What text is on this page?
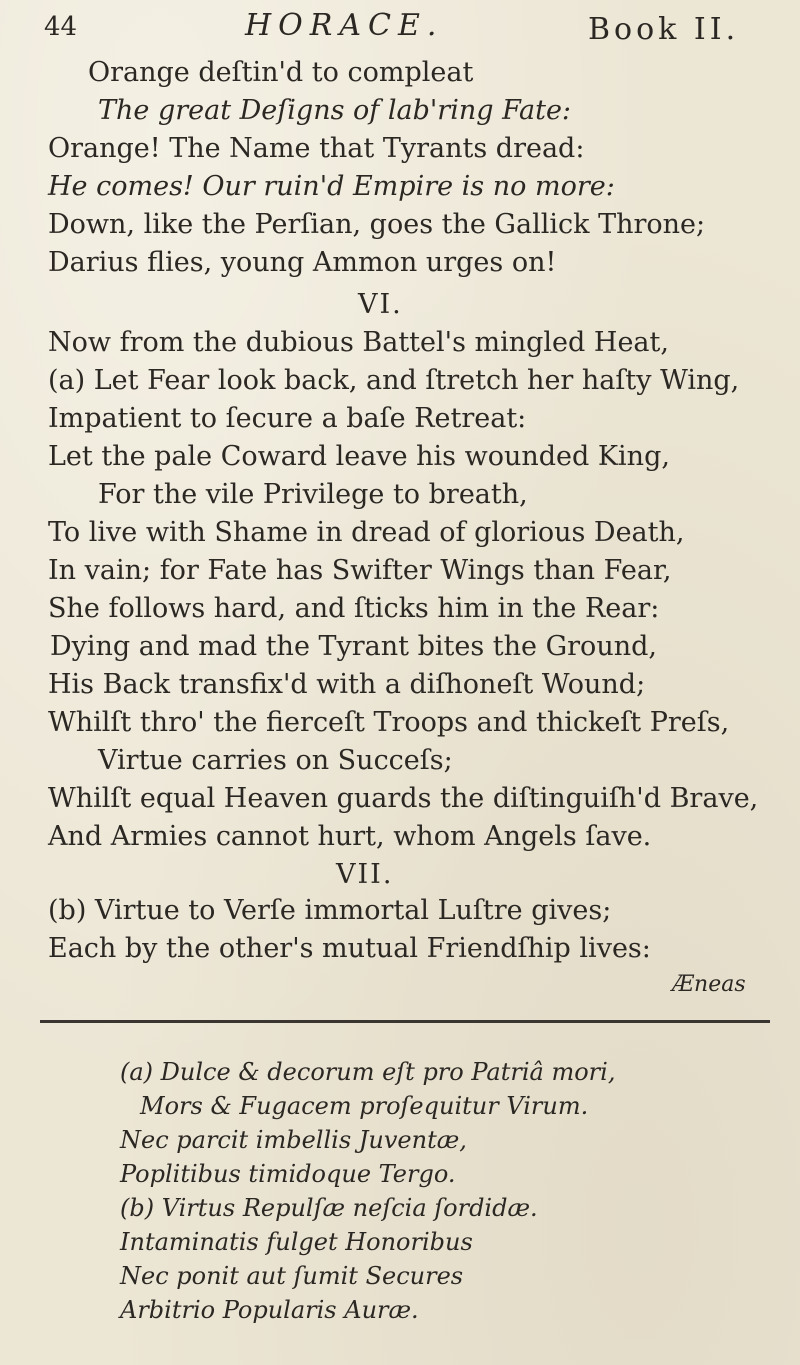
44	HORACE.	Book II.
Orange deſtin'd to compleat
The great Deſigns of lab'ring Fate:
Orange! The Name that Tyrants dread:
He comes! Our ruin'd Empire is no more:
Down, like the Perſian, goes the Gallick Throne;
Darius flies, young Ammon urges on!
VI.
Now from the dubious Battel's mingled Heat,
(a) Let Fear look back, and ſtretch her haſty Wing,
Impatient to ſecure a baſe Retreat:
Let the pale Coward leave his wounded King,
For the vile Privilege to breath,
To live with Shame in dread of glorious Death,
In vain; for Fate has Swifter Wings than Fear,
She follows hard, and ſticks him in the Rear:
Dying and mad the Tyrant bites the Ground,
His Back transfix'd with a diſhoneſt Wound;
Whilſt thro' the fierceſt Troops and thickeſt Preſs,
Virtue carries on Succeſs;
Whilſt equal Heaven guards the diſtinguiſh'd Brave,
And Armies cannot hurt, whom Angels ſave.
VII.
(b) Virtue to Verſe immortal Luſtre gives;
Each by the other's mutual Friendſhip lives:
Æneas
(a) Dulce & decorum eſt pro Patriâ mori,
Mors & Fugacem proſequitur Virum.
Nec parcit imbellis Juventæ,
Poplitibus timidoque Tergo.
(b) Virtus Repulſæ neſcia ſordidæ.
Intaminatis fulget Honoribus
Nec ponit aut ſumit Secures
Arbitrio Popularis Auræ.
